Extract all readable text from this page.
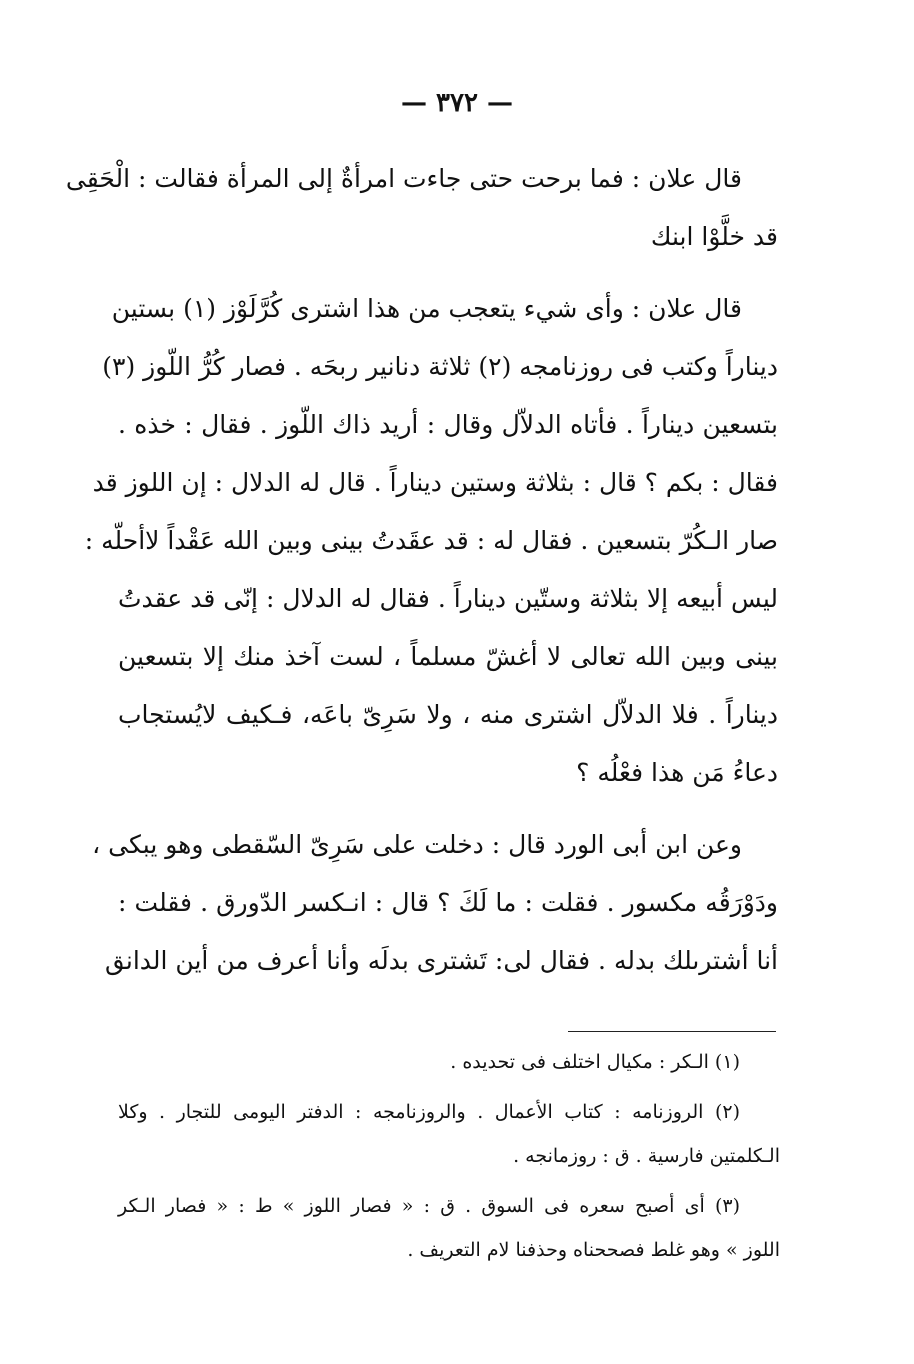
— ٣٧٢ —
قال علان : فما برحت حتى جاءت امرأةٌ إلى المرأة فقالت : الْحَقِى
قد خلَّوْا ابنك
قال علان : وأى شيء يتعجب من هذا اشترى كُرَّلَوْز (١) بستين
ديناراً وكتب فى روزنامجه (٢) ثلاثة دنانير ربحَه . فصار كُرُّ اللّوز (٣)
بتسعين ديناراً . فأتاه الدلاّل وقال : أريد ذاك اللّوز . فقال : خذه .
فقال : بكم ؟ قال : بثلاثة وستين ديناراً . قال له الدلال : إن اللوز قد
صار الـكُرّ بتسعين . فقال له : قد عقَدتُ بينى وبين الله عَقْداً لاأحلّه :
ليس أبيعه إلا بثلاثة وستّين ديناراً . فقال له الدلال : إنّى قد عقدتُ
بينى وبين الله تعالى لا أغشّ مسلماً ، لست آخذ منك إلا بتسعين
ديناراً . فلا الدلاّل اشترى منه ، ولا سَرِىّ باعَه، فـكيف لايُستجاب
دعاءُ مَن هذا فعْلُه ؟
وعن ابن أبى الورد قال : دخلت على سَرِىّ السّقطى وهو يبكى ،
ودَوْرَقُه مكسور . فقلت : ما لَكَ ؟ قال : انـكسر الدّورق . فقلت :
أنا أشترىلك بدله . فقال لى: تَشترى بدلَه وأنا أعرف من أين الدانق
(١) الـكر : مكيال اختلف فى تحديده .
(٢) الروزنامه : كتاب الأعمال . والروزنامجه : الدفتر اليومى للتجار . وكلا
الـكلمتين فارسية . ق : روزمانجه .
(٣) أى أصبح سعره فى السوق . ق : « فصار اللوز » ط : « فصار الـكر
اللوز » وهو غلط فصححناه وحذفنا لام التعريف .
